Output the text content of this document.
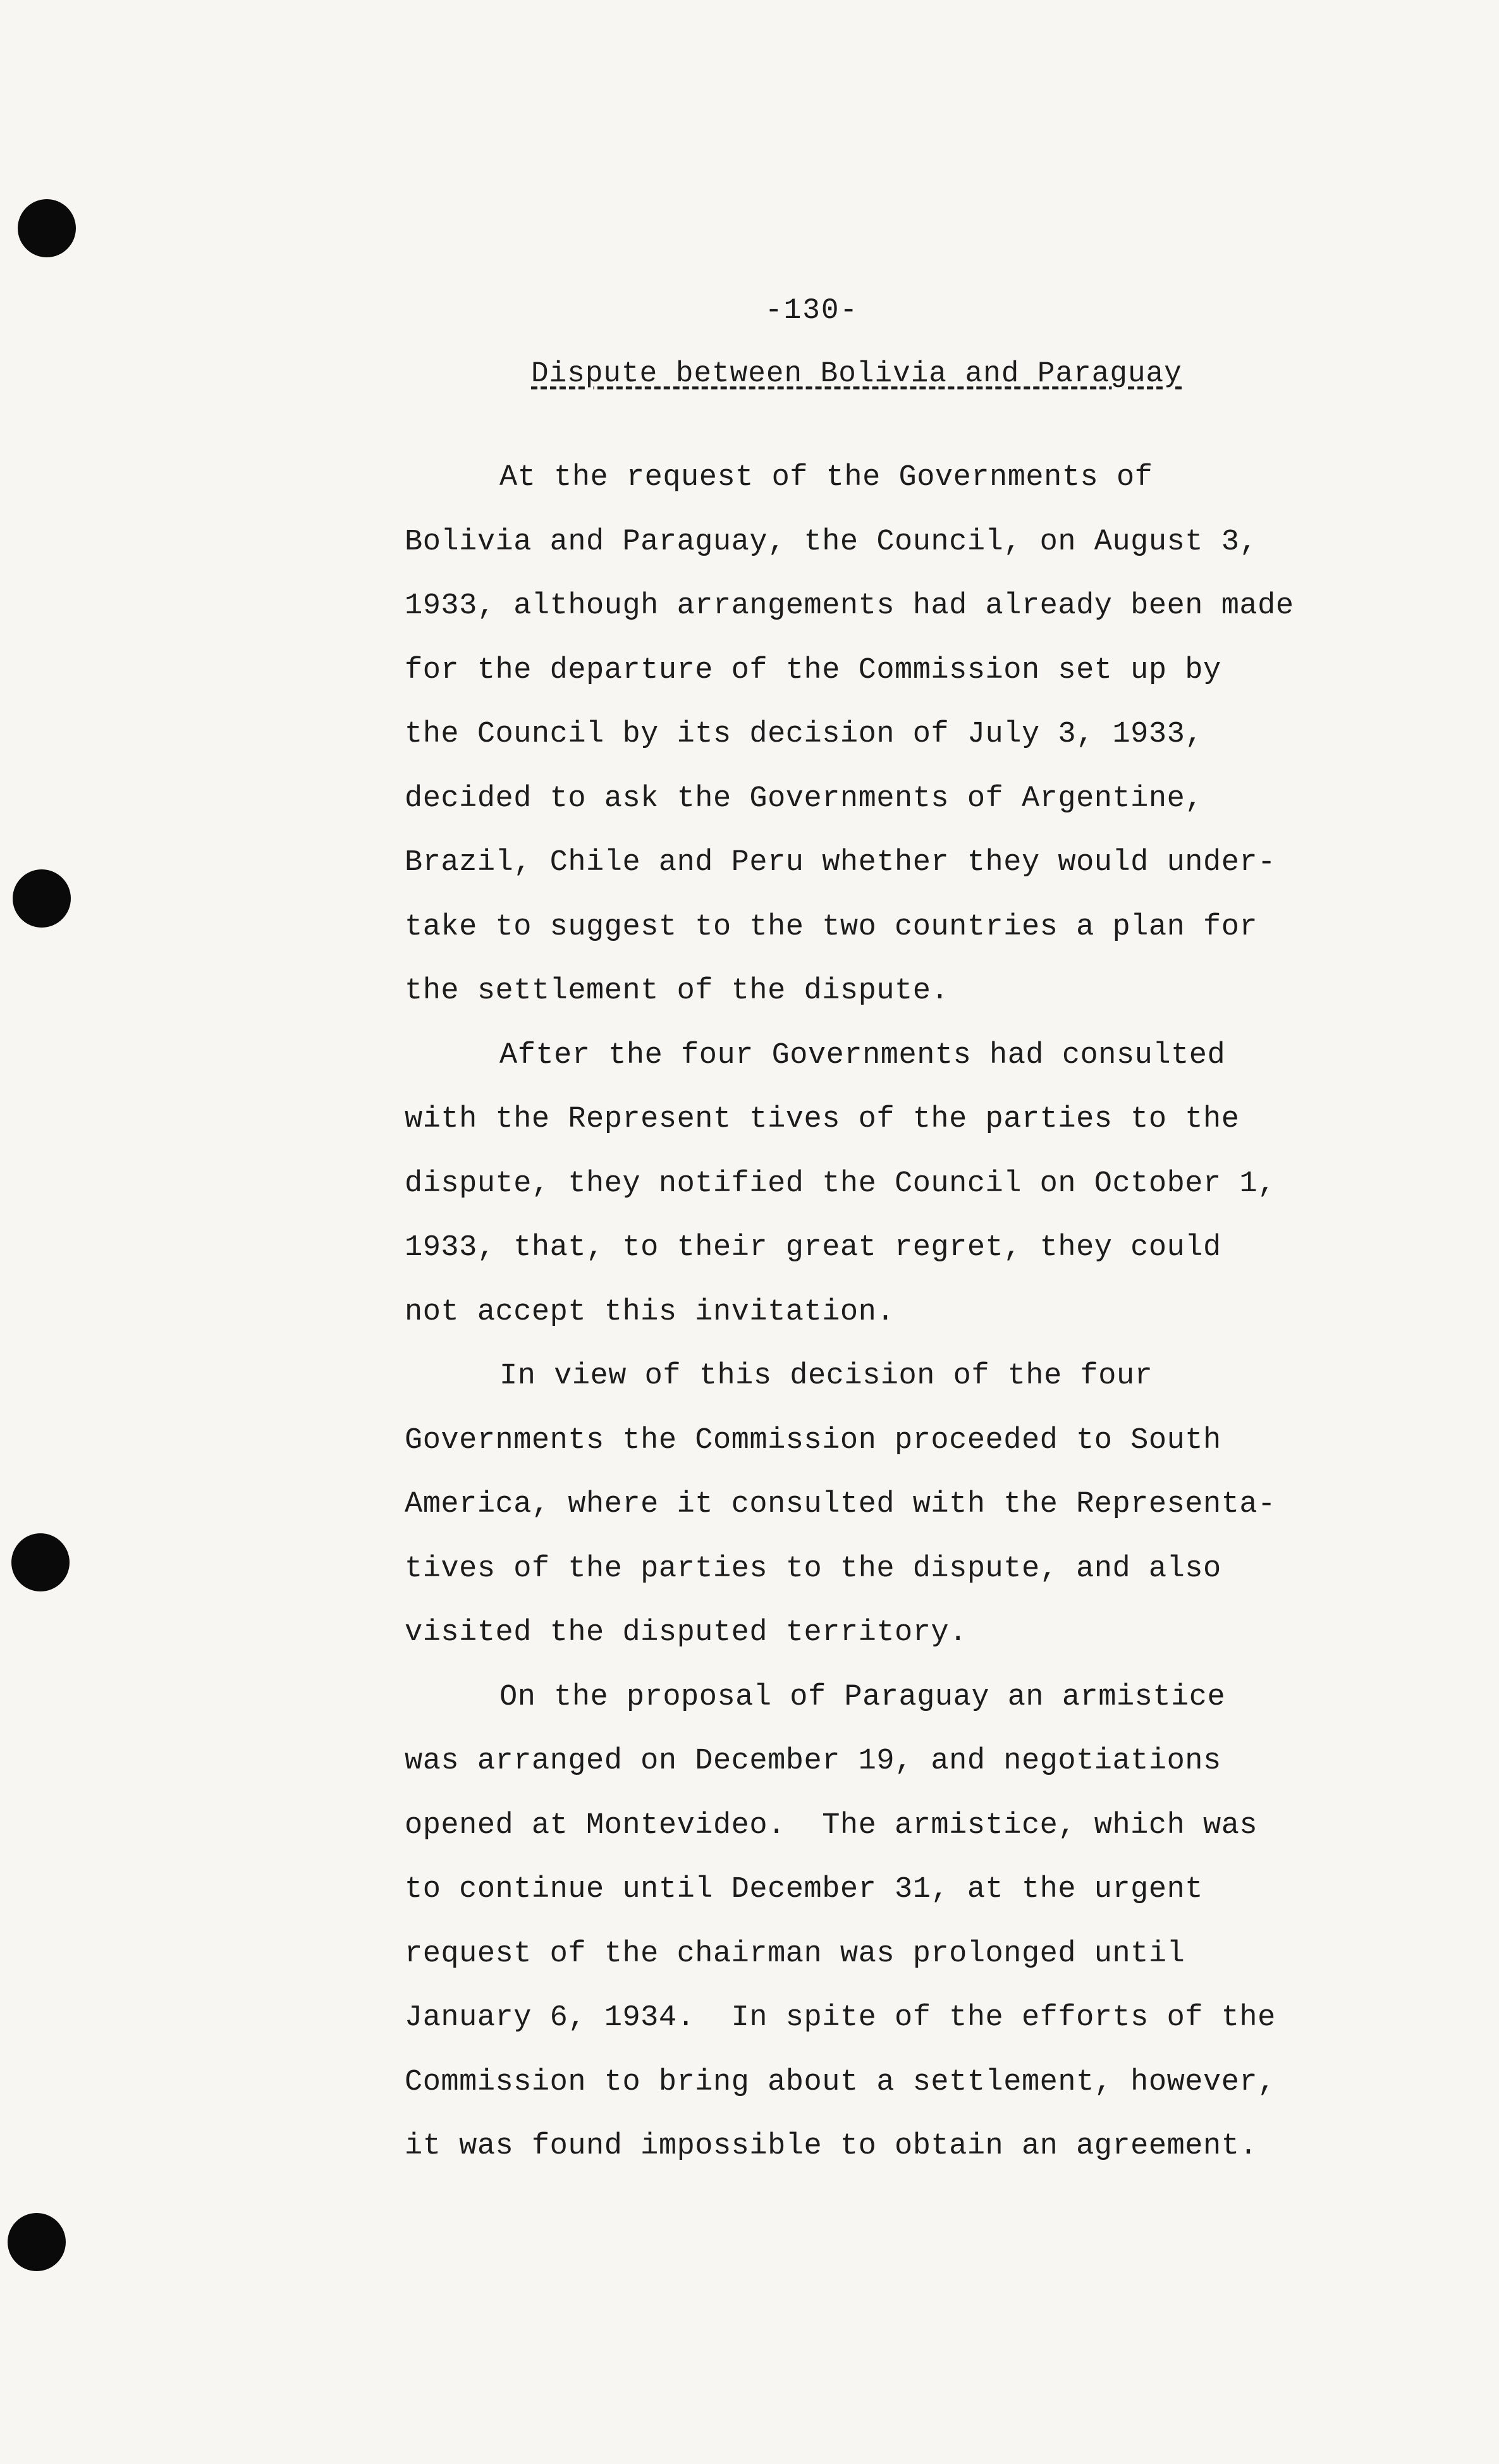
-130-
Dispute between Bolivia and Paraguay
At the request of the Governments of
Bolivia and Paraguay, the Council, on August 3,
1933, although arrangements had already been made
for the departure of the Commission set up by
the Council by its decision of July 3, 1933,
decided to ask the Governments of Argentine,
Brazil, Chile and Peru whether they would under-
take to suggest to the two countries a plan for
the settlement of the dispute.
After the four Governments had consulted
with the Represent tives of the parties to the
dispute, they notified the Council on October 1,
1933, that, to their great regret, they could
not accept this invitation.
In view of this decision of the four
Governments the Commission proceeded to South
America, where it consulted with the Representa-
tives of the parties to the dispute, and also
visited the disputed territory.
On the proposal of Paraguay an armistice
was arranged on December 19, and negotiations
opened at Montevideo.  The armistice, which was
to continue until December 31, at the urgent
request of the chairman was prolonged until
January 6, 1934.  In spite of the efforts of the
Commission to bring about a settlement, however,
it was found impossible to obtain an agreement.
